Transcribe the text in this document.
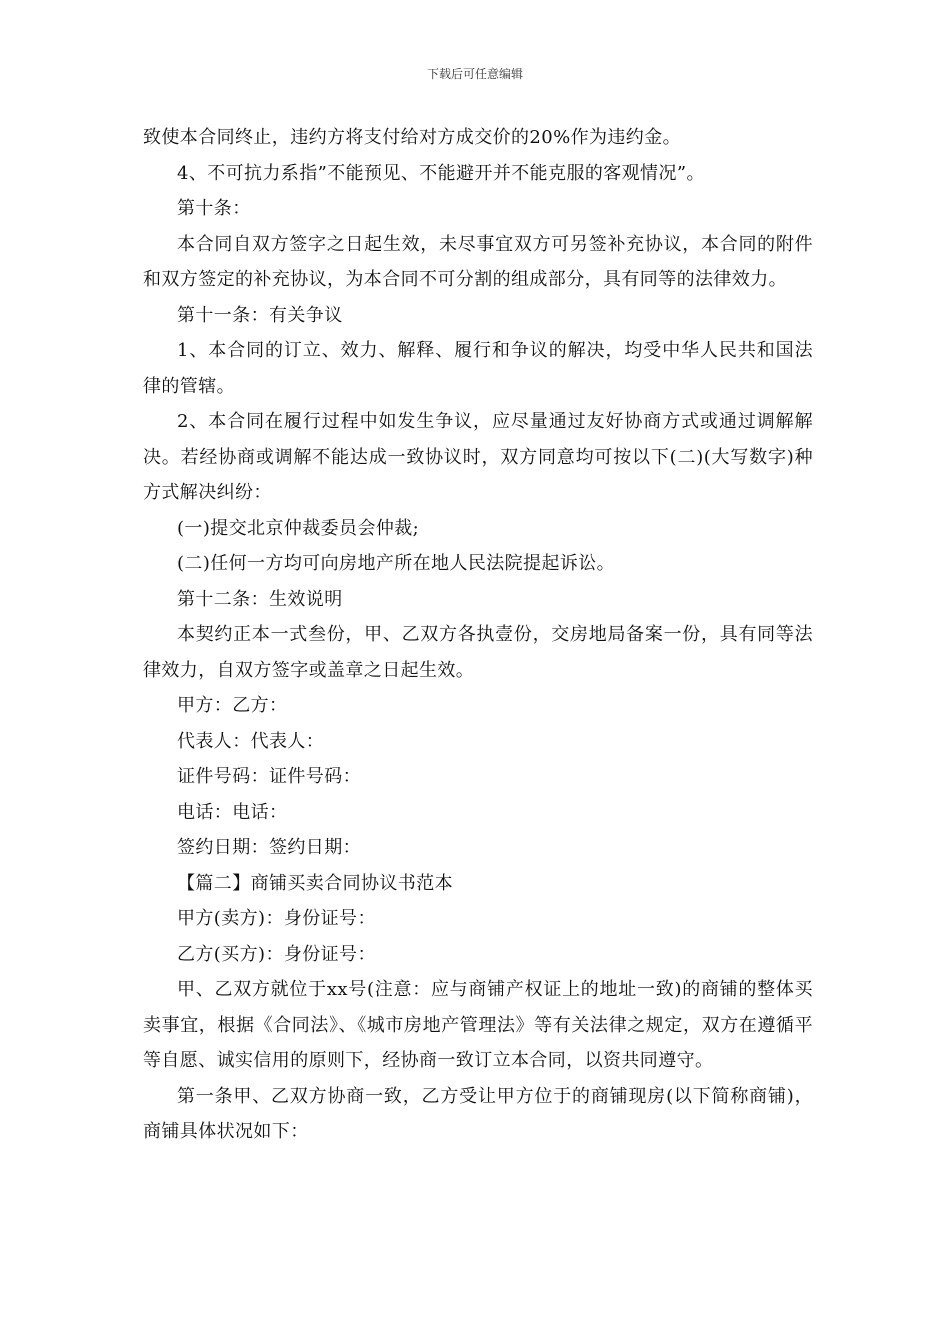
下载后可任意编辑

致使本合同终止，违约方将支付给对方成交价的20%作为违约金。

4、不可抗力系指”不能预见、不能避开并不能克服的客观情况”。

第十条：

本合同自双方签字之日起生效，未尽事宜双方可另签补充协议，本合同的附件和双方签定的补充协议，为本合同不可分割的组成部分，具有同等的法律效力。

第十一条：有关争议

1、本合同的订立、效力、解释、履行和争议的解决，均受中华人民共和国法律的管辖。

2、本合同在履行过程中如发生争议，应尽量通过友好协商方式或通过调解解决。若经协商或调解不能达成一致协议时，双方同意均可按以下(二)(大写数字)种方式解决纠纷：

(一)提交北京仲裁委员会仲裁;

(二)任何一方均可向房地产所在地人民法院提起诉讼。

第十二条：生效说明

本契约正本一式叁份，甲、乙双方各执壹份，交房地局备案一份，具有同等法律效力，自双方签字或盖章之日起生效。

甲方：乙方：

代表人：代表人：

证件号码：证件号码：

电话：电话：

签约日期：签约日期：

【篇二】商铺买卖合同协议书范本

甲方(卖方)：身份证号：

乙方(买方)：身份证号：

甲、乙双方就位于xx号(注意：应与商铺产权证上的地址一致)的商铺的整体买卖事宜，根据《合同法》、《城市房地产管理法》等有关法律之规定，双方在遵循平等自愿、诚实信用的原则下，经协商一致订立本合同，以资共同遵守。

第一条甲、乙双方协商一致，乙方受让甲方位于的商铺现房(以下简称商铺)，商铺具体状况如下：
